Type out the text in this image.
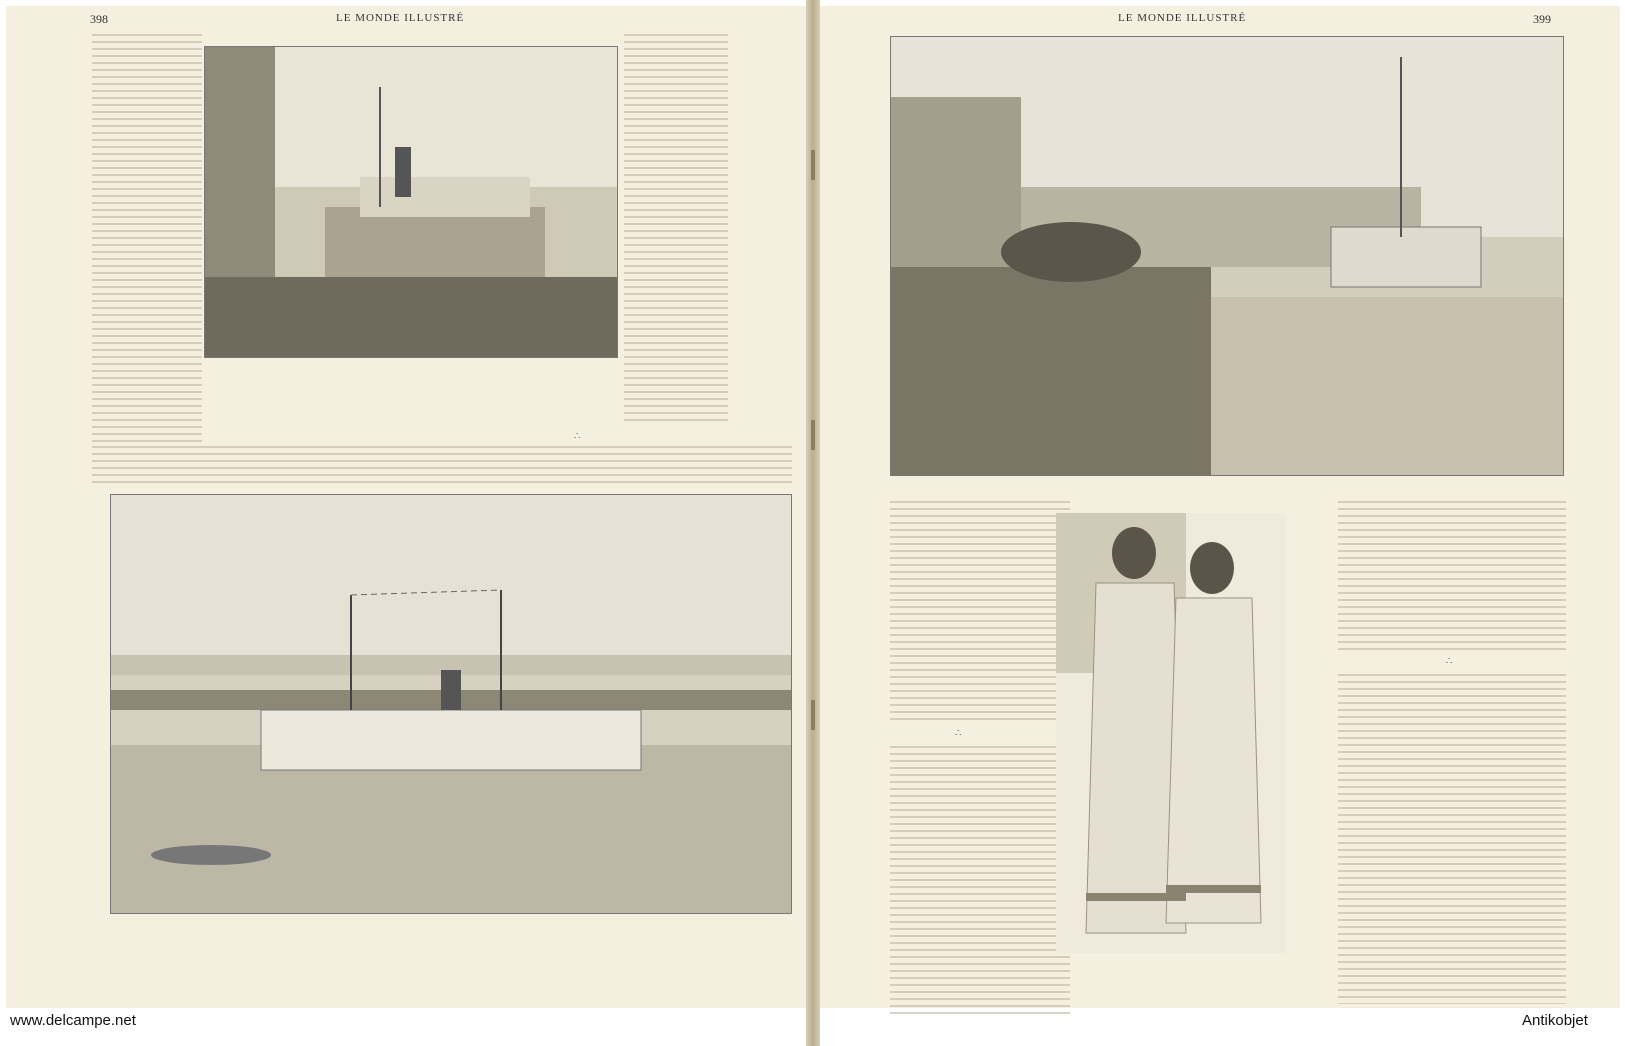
398	LE MONDE ILLUSTRÉ
∴
LE MONDE ILLUSTRÉ	399
∴
∴
www.delcampe.net	Antikobjet
